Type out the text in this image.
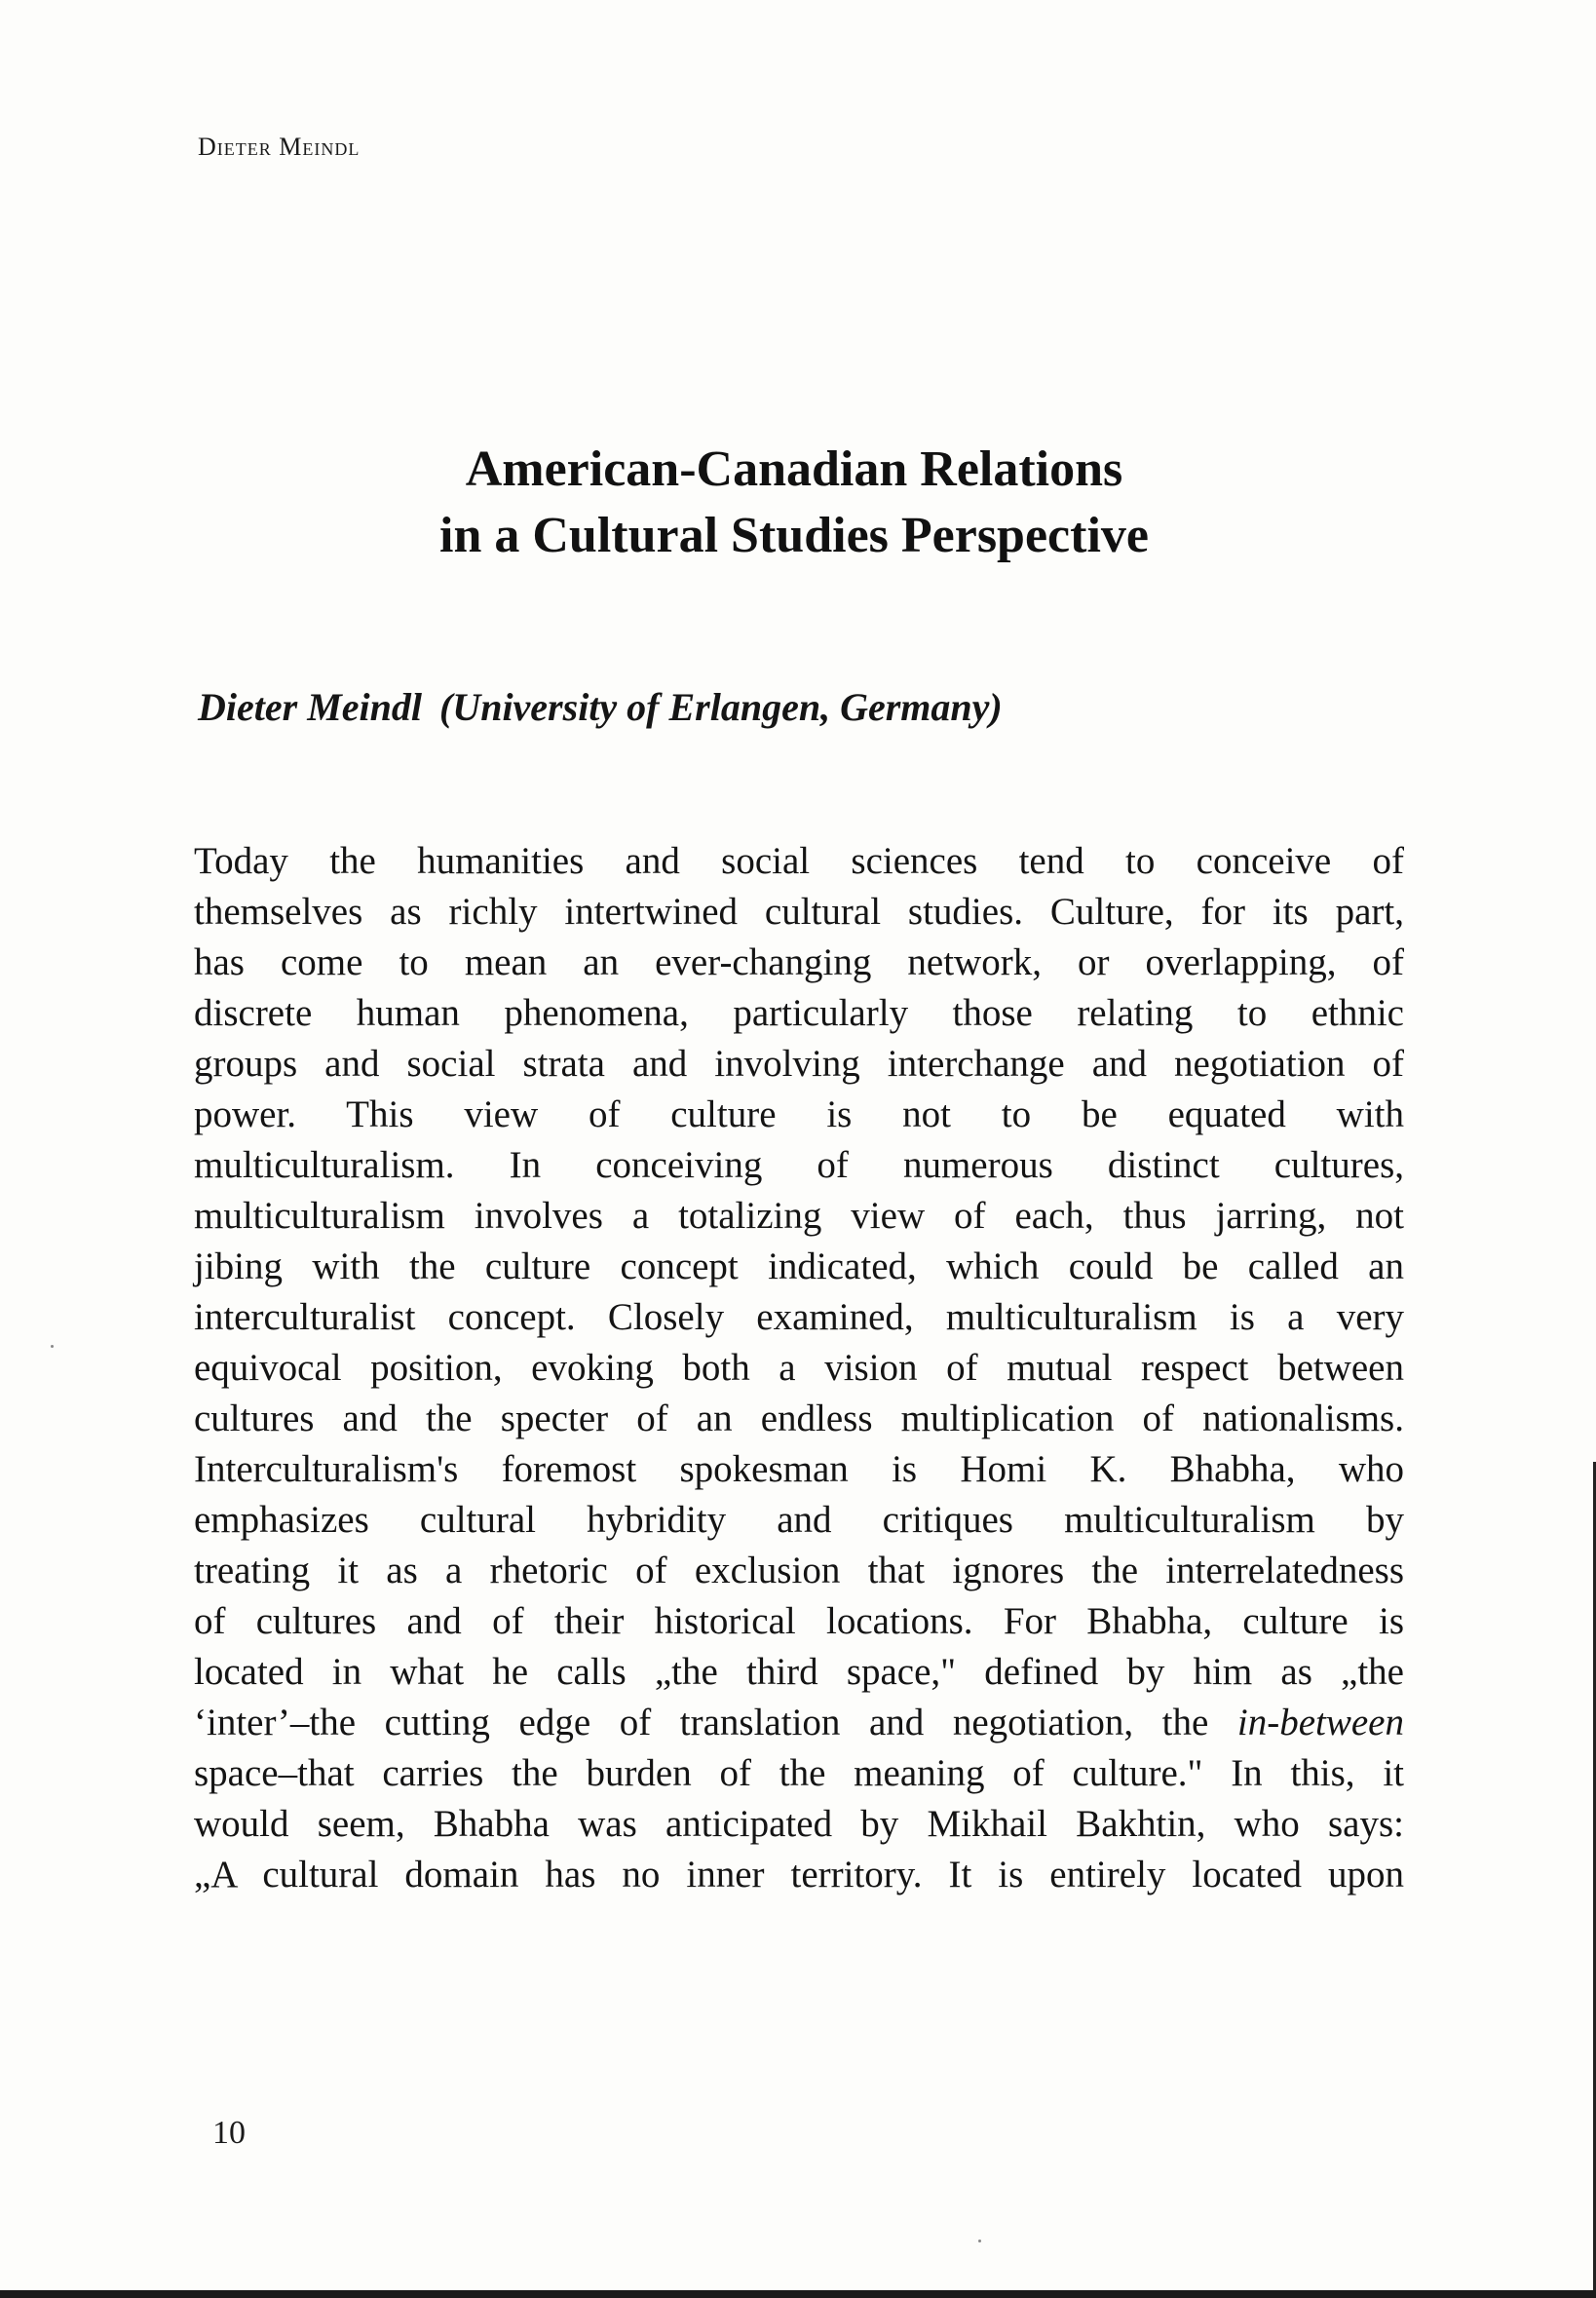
Dieter Meindl
American-Canadian Relations
in a Cultural Studies Perspective
Dieter Meindl (University of Erlangen, Germany)
Today the humanities and social sciences tend to conceive of
themselves as richly intertwined cultural studies. Culture, for its part,
has come to mean an ever-changing network, or overlapping, of
discrete human phenomena, particularly those relating to ethnic
groups and social strata and involving interchange and negotiation of
power. This view of culture is not to be equated with
multiculturalism. In conceiving of numerous distinct cultures,
multiculturalism involves a totalizing view of each, thus jarring, not
jibing with the culture concept indicated, which could be called an
interculturalist concept. Closely examined, multiculturalism is a very
equivocal position, evoking both a vision of mutual respect between
cultures and the specter of an endless multiplication of nationalisms.
Interculturalism's foremost spokesman is Homi K. Bhabha, who
emphasizes cultural hybridity and critiques multiculturalism by
treating it as a rhetoric of exclusion that ignores the interrelatedness
of cultures and of their historical locations. For Bhabha, culture is
located in what he calls „the third space," defined by him as „the
‘inter’–the cutting edge of translation and negotiation, the in-between
space–that carries the burden of the meaning of culture." In this, it
would seem, Bhabha was anticipated by Mikhail Bakhtin, who says:
„A cultural domain has no inner territory. It is entirely located upon
10
